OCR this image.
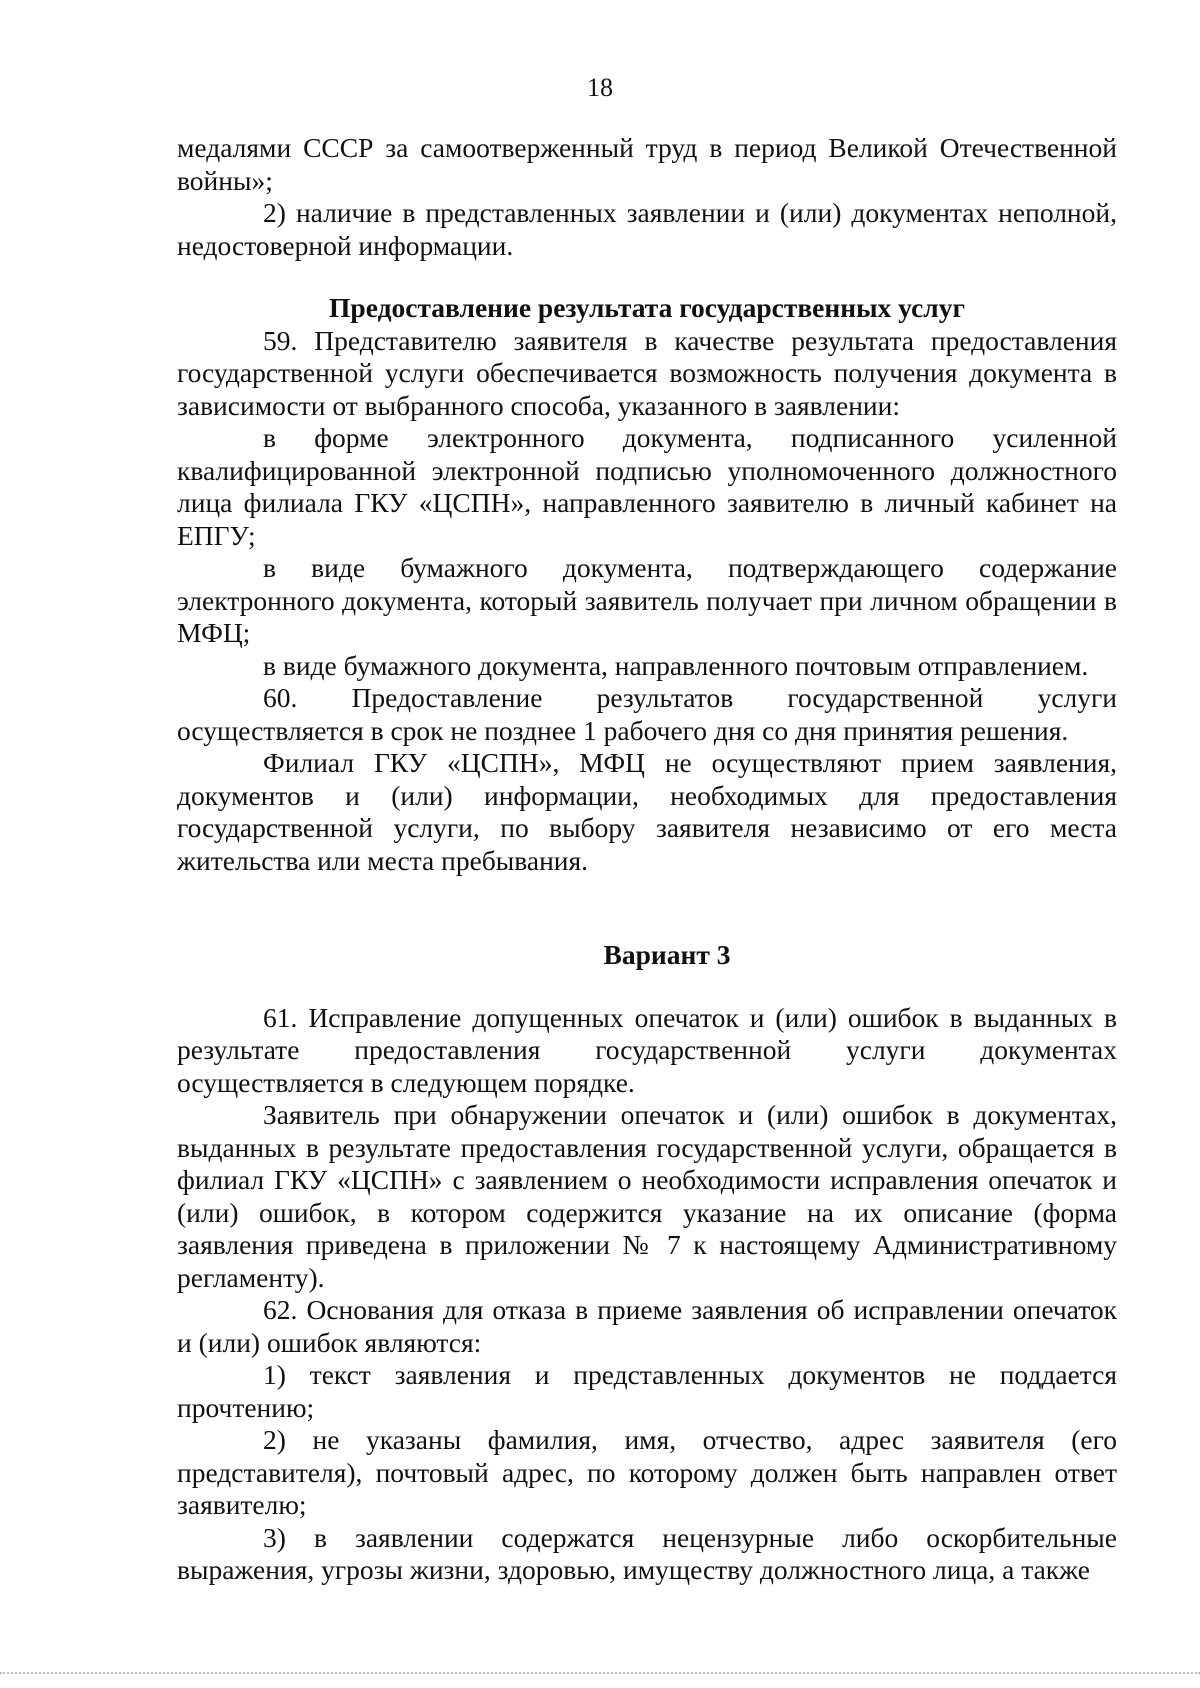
18

медалями СССР за самоотверженный труд в период Великой Отечественной войны»;

2) наличие в представленных заявлении и (или) документах неполной, недостоверной информации.

Предоставление результата государственных услуг

59. Представителю заявителя в качестве результата предоставления государственной услуги обеспечивается возможность получения документа в зависимости от выбранного способа, указанного в заявлении:

в форме электронного документа, подписанного усиленной квалифицированной электронной подписью уполномоченного должностного лица филиала ГКУ «ЦСПН», направленного заявителю в личный кабинет на ЕПГУ;

в виде бумажного документа, подтверждающего содержание электронного документа, который заявитель получает при личном обращении в МФЦ;

в виде бумажного документа, направленного почтовым отправлением.

60. Предоставление результатов государственной услуги осуществляется в срок не позднее 1 рабочего дня со дня принятия решения.

Филиал ГКУ «ЦСПН», МФЦ не осуществляют прием заявления, документов и (или) информации, необходимых для предоставления государственной услуги, по выбору заявителя независимо от его места жительства или места пребывания.

Вариант 3

61. Исправление допущенных опечаток и (или) ошибок в выданных в результате предоставления государственной услуги документах осуществляется в следующем порядке.

Заявитель при обнаружении опечаток и (или) ошибок в документах, выданных в результате предоставления государственной услуги, обращается в филиал ГКУ «ЦСПН» с заявлением о необходимости исправления опечаток и (или) ошибок, в котором содержится указание на их описание (форма заявления приведена в приложении № 7 к настоящему Административному регламенту).

62. Основания для отказа в приеме заявления об исправлении опечаток и (или) ошибок являются:

1) текст заявления и представленных документов не поддается прочтению;

2) не указаны фамилия, имя, отчество, адрес заявителя (его представителя), почтовый адрес, по которому должен быть направлен ответ заявителю;

3) в заявлении содержатся нецензурные либо оскорбительные выражения, угрозы жизни, здоровью, имуществу должностного лица, а также
